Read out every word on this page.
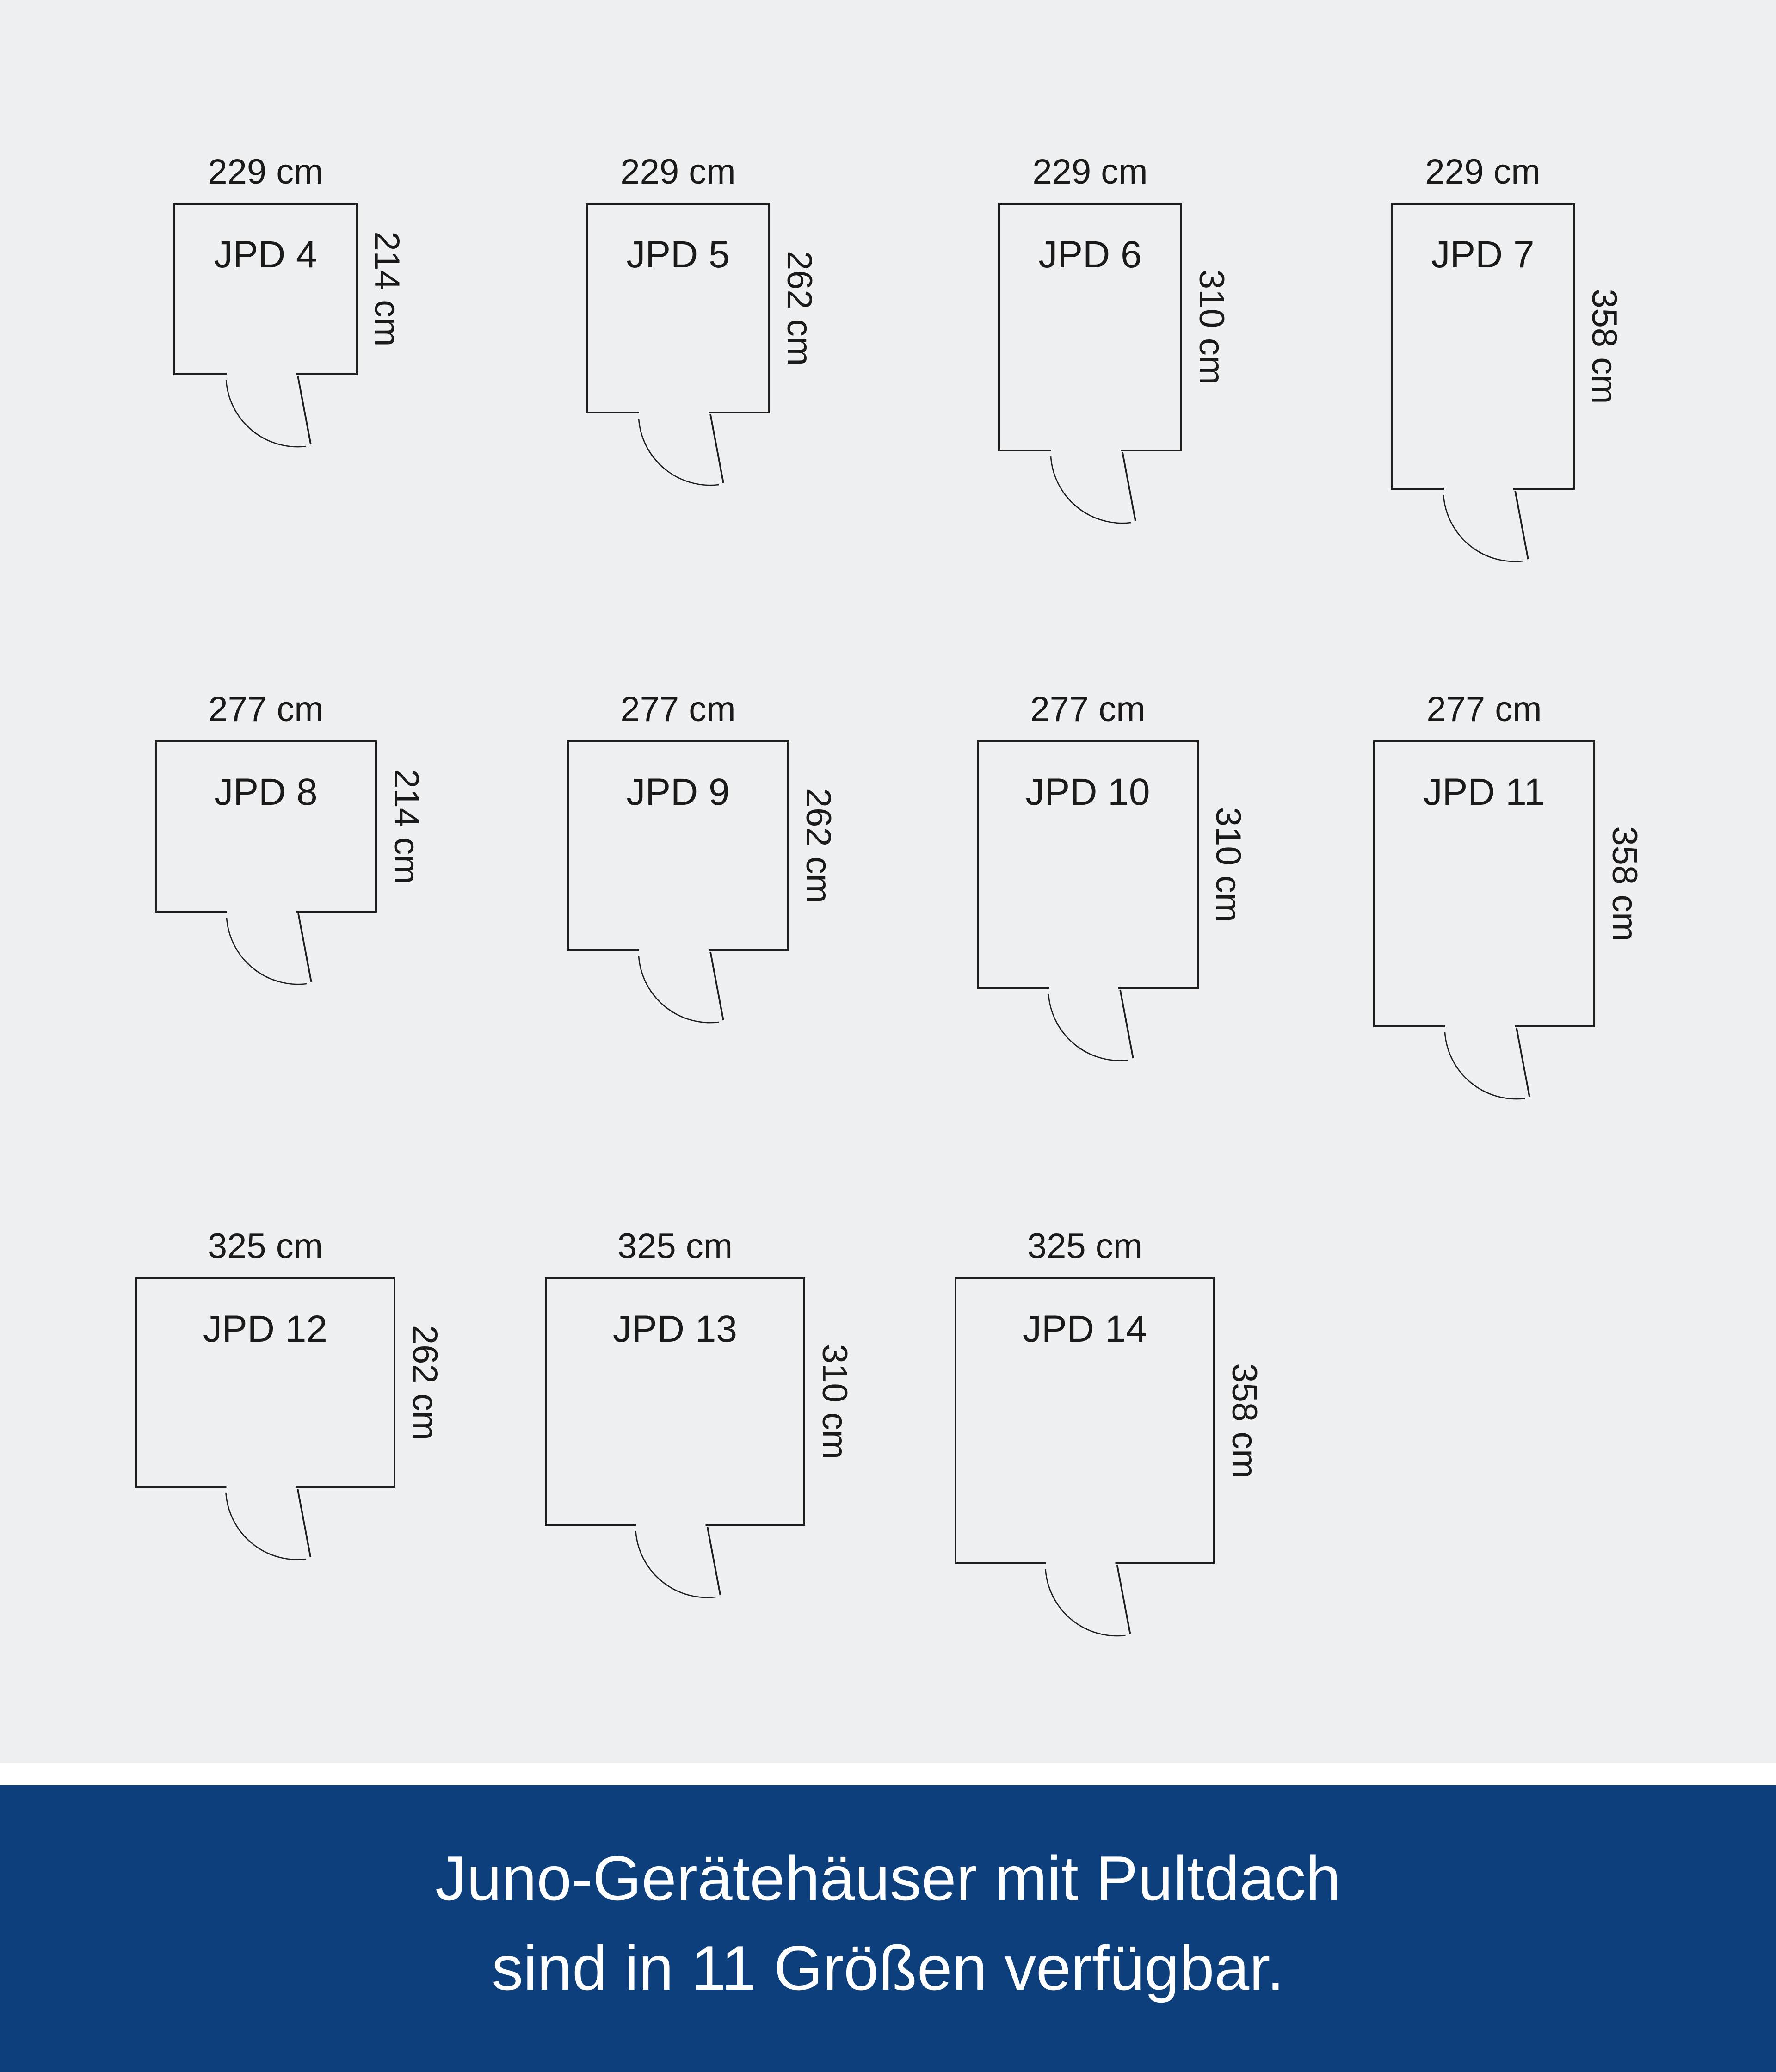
229 cm
214 cm
JPD 4
229 cm
262 cm
JPD 5
229 cm
310 cm
JPD 6
229 cm
358 cm
JPD 7
277 cm
214 cm
JPD 8
277 cm
262 cm
JPD 9
277 cm
310 cm
JPD 10
277 cm
358 cm
JPD 11
325 cm
262 cm
JPD 12
325 cm
310 cm
JPD 13
325 cm
358 cm
JPD 14
Juno-Gerätehäuser mit Pultdach
sind in 11 Größen verfügbar.
